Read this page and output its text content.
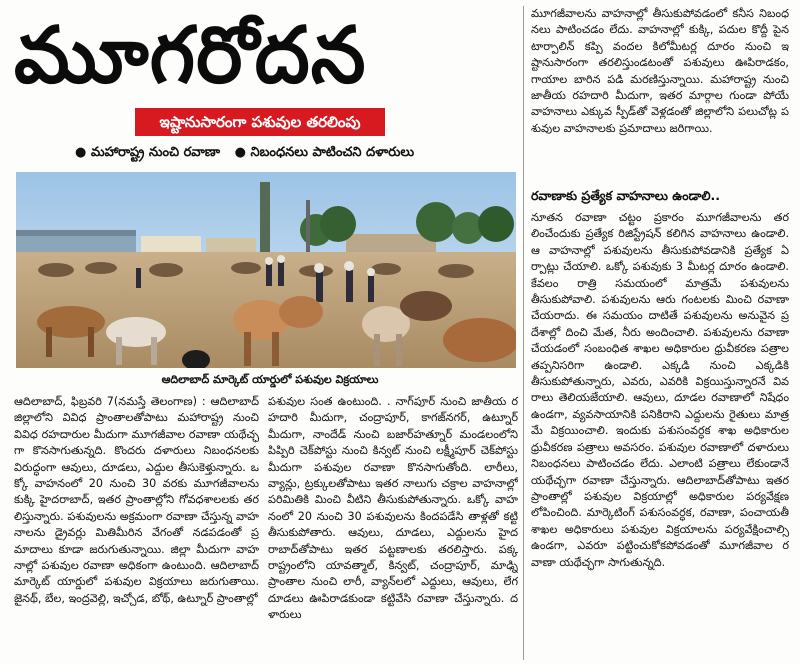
మూగరోదన
ఇష్టానుసారంగా పశువుల తరలింపు
● మహారాష్ట్ర నుంచి రవాణా ● నిబంధనలు పాటించని దళారులు
ఆదిలాబాద్ మార్కెట్ యార్డులో పశువుల విక్రయాలు

ఆదిలాబాద్, ఫిబ్రవరి 7(నమస్తే తెలంగాణ) : ఆదిలాబాద్ జిల్లాలోని వివిధ ప్రాంతాలతోపాటు మహారాష్ట్ర నుంచి వివిధ రహదారుల మీదుగా మూగజీవాల రవాణా యథేచ్ఛగా కొనసాగుతున్నది. కొందరు దళారులు నిబంధనలకు విరుద్ధంగా ఆవులు, దూడలు, ఎద్దుల తీసుకెళ్తున్నారు. ఒక్కో వాహనంలో 20 నుంచి 30 వరకు మూగజీవాలను కుక్కి హైదరాబాద్, ఇతర ప్రాంతాల్లోని గోవధశాలలకు తరలిస్తున్నారు. పశువులను అక్రమంగా రవాణా చేస్తున్న వాహనాలను డ్రైవర్లు మితిమీరిన వేగంతో నడపడంతో ప్రమాదాలు కూడా జరుగుతున్నాయి. జిల్లా మీదుగా వాహనాల్లో పశువుల రవాణా అధికంగా ఉంటుంది. ఆదిలాబాద్ మార్కెట్ యార్డులో పశువుల విక్రయాలు జరుగుతాయి. జైనథ్, బేల, ఇంద్రవెల్లి, ఇచ్చోడ, బోథ్, ఉట్నూర్ ప్రాంతాల్లో

పశువుల సంత ఉంటుంది. . నాగ్‌పూర్ నుంచి జాతీయ రహదారి మీదుగా, చంద్రాపూర్, కాగజ్‌నగర్, ఉట్నూర్ మీదుగా, నాందేడ్ నుంచి బజార్‌హత్నూర్ మండలంలోని పిప్పిరి చెక్‌పోస్టు నుంచి కిన్వట్ నుంచి లక్ష్మీపూర్ చెక్‌పోస్టు మీదుగా పశువుల రవాణా కొనసాగుతోంది. లారీలు, వ్యాన్లు, ట్రక్కులతోపాటు ఇతర నాలుగు చక్రాల వాహనాల్లో పరిమితికి మించి వీటిని తీసుకుపోతున్నారు. ఒక్కో వాహనంలో 20 నుంచి 30 పశువులను కిందపడేసి తాళ్లతో కట్టి తీసుకుపోతారు. ఆవులు, దూడలు, ఎద్దులను హైదరాబాద్‌తోపాటు ఇతర పట్టణాలకు తరలిస్తారు. పక్క రాష్ట్రంలోని యావత్మాల్, కిన్వట్, చంద్రాపూర్, మాఢ్ని ప్రాంతాల నుంచి లారీ, వ్యాన్‌లలో ఎద్దులు, ఆవులు, లేగ దూడలు ఊపిరాడకుండా కట్టివేసి రవాణా చేస్తున్నారు. దళారులు

మూగజీవాలను వాహనాల్లో తీసుకుపోవడంలో కనీస నిబంధనలు పాటించడం లేదు. వాహనాల్లో కుక్కి, పదుల కొద్దీ పైన టార్పాలిన్ కప్పి వందల కిలోమీటర్ల దూరం నుంచి ఇష్టానుసారంగా తరలిస్తుండటంతో పశువులు ఊపిరాడకం, గాయాల బారిన పడి మరణిస్తున్నాయి. మహారాష్ట్ర నుంచి జాతీయ రహదారి మీదుగా, ఇతర మార్గాల గుండా పోయే వాహనాలు ఎక్కువ స్పీడ్‌తో వెళ్లడంతో జిల్లాలోని పలుచోట్ల పశువుల వాహనాలకు ప్రమాదాలు జరిగాయి.

రవాణాకు ప్రత్యేక వాహనాలు ఉండాలి..

నూతన రవాణా చట్టం ప్రకారం మూగజీవాలను తరలించేందుకు ప్రత్యేక రిజిస్ట్రేషన్ కలిగిన వాహనాలు ఉండాలి. ఆ వాహనాల్లో పశువులను తీసుకుపోవడానికి ప్రత్యేక ఏర్పాట్లు చేయాలి. ఒక్కో పశువుకు 3 మీటర్ల దూరం ఉండాలి. కేవలం రాత్రి సమయంలో మాత్రమే పశువులను తీసుకుపోవాలి. పశువులను ఆరు గంటలకు మించి రవాణా చేయరాదు. ఈ సమయం దాటితే పశువులను అనువైన ప్రదేశాల్లో దించి మేత, నీరు అందించాలి. పశువులను రవాణా చేయడంలో సంబంధిత శాఖల అధికారుల ధ్రువీకరణ పత్రాల తప్పనిసరిగా ఉండాలి. ఎక్కడి నుంచి ఎక్కడికి తీసుకుపోతున్నారు, ఎవరు, ఎవరికి విక్రయిస్తున్నారనే వివరాలు తెలియజేయాలి. ఆవులు, దూడల రవాణాలో నిషేధం ఉండగా, వ్యవసాయానికి పనికిరాని ఎద్దులను రైతులు మాత్రమే విక్రయించాలి. ఇందుకు పశుసంవర్ధక శాఖ అధికారుల ధ్రువీకరణ పత్రాలు అవసరం. పశువుల రవాణాలో దళారులు నిబంధనలు పాటించడం లేదు. ఎలాంటి పత్రాలు లేకుండానే యథేచ్ఛగా రవాణా చేస్తున్నారు. ఆదిలాబాద్‌తోపాటు ఇతర ప్రాంతాల్లో పశువుల విక్రయాల్లో అధికారుల పర్యవేక్షణ లోపించింది. మార్కెటింగ్ పశుసంవర్ధక, రవాణా, పంచాయతీ శాఖల అధికారులు పశువుల విక్రయాలను పర్యవేక్షించాల్సి ఉండగా, ఎవరూ పట్టించుకోకపోవడంతో మూగజీవాల రవాణా యథేచ్ఛగా సాగుతున్నది.
